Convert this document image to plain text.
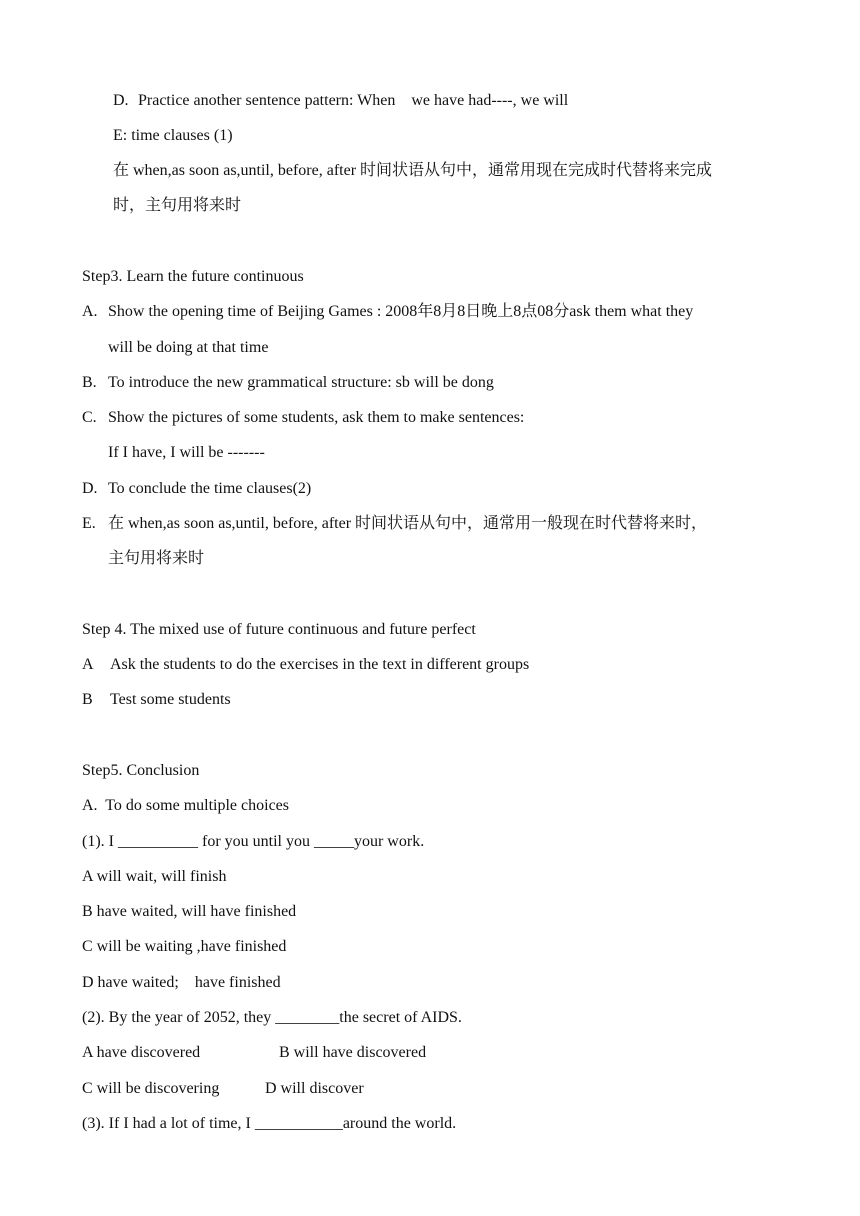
D. Practice another sentence pattern: When    we have had----, we will
E: time clauses (1)
在 when,as soon as,until, before, after 时间状语从句中，通常用现在完成时代替将来完成
时，主句用将来时
Step3. Learn the future continuous
A. Show the opening time of Beijing Games : 2008年8月8日晚上8点08分ask them what they
will be doing at that time
B. To introduce the new grammatical structure: sb will be dong
C. Show the pictures of some students, ask them to make sentences:
If I have, I will be -------
D. To conclude the time clauses(2)
E. 在 when,as soon as,until, before, after 时间状语从句中，通常用一般现在时代替将来时，
主句用将来时
Step 4. The mixed use of future continuous and future perfect
A Ask the students to do the exercises in the text in different groups
B Test some students
Step5. Conclusion
A.  To do some multiple choices
(1). I __________ for you until you _____your work.
A will wait, will finish
B have waited, will have finished
C will be waiting ,have finished
D have waited;    have finished
(2). By the year of 2052, they ________the secret of AIDS.
A have discovered	B will have discovered
C will be discovering	D will discover
(3). If I had a lot of time, I ___________around the world.
